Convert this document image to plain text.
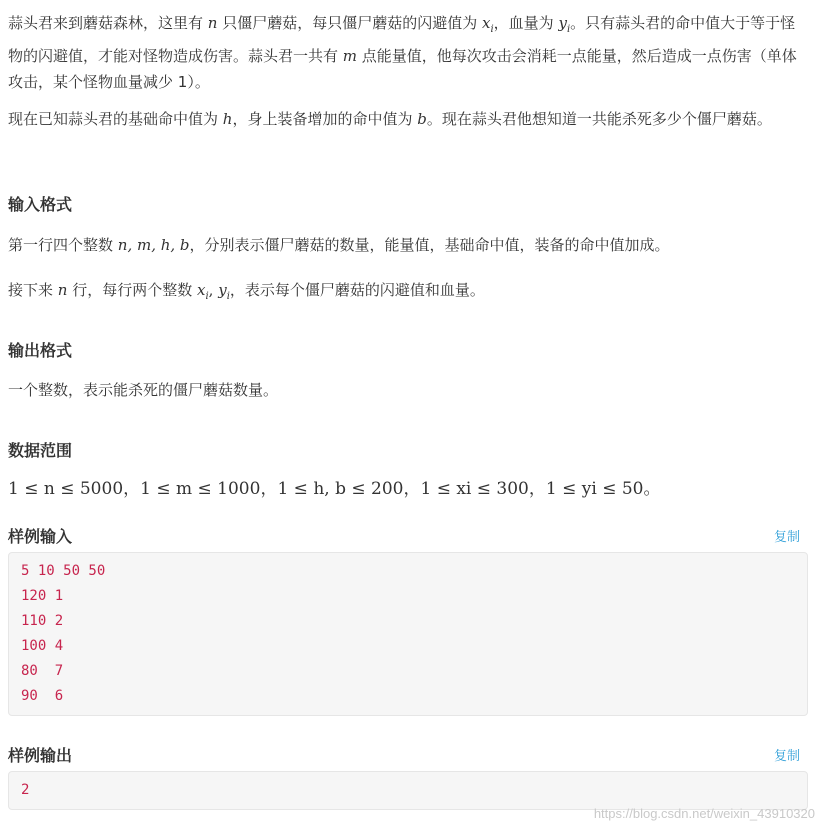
蒜头君来到蘑菇森林，这里有 n 只僵尸蘑菇，每只僵尸蘑菇的闪避值为 $x_i$，血量为 $y_i$。只有蒜头君的命中值大于等于怪物的闪避值，才能对怪物造成伤害。蒜头君一共有 m 点能量值，他每次攻击会消耗一点能量，然后造成一点伤害（单体攻击，某个怪物血量减少 1）。

现在已知蒜头君的基础命中值为 h，身上装备增加的命中值为 b。现在蒜头君他想知道一共能杀死多少个僵尸蘑菇。

输入格式

第一行四个整数 n, m, h, b，分别表示僵尸蘑菇的数量，能量值，基础命中值，装备的命中值加成。

接下来 n 行，每行两个整数 $x_i$, $y_i$，表示每个僵尸蘑菇的闪避值和血量。

输出格式

一个整数，表示能杀死的僵尸蘑菇数量。

数据范围

1 ≤ n ≤ 5000，1 ≤ m ≤ 1000，1 ≤ h, b ≤ 200，1 ≤ xi ≤ 300，1 ≤ yi ≤ 50。

样例输入	复制
5 10 50 50
120 1
110 2
100 4
80  7
90  6
样例输出	复制
2
https://blog.csdn.net/weixin_43910320
